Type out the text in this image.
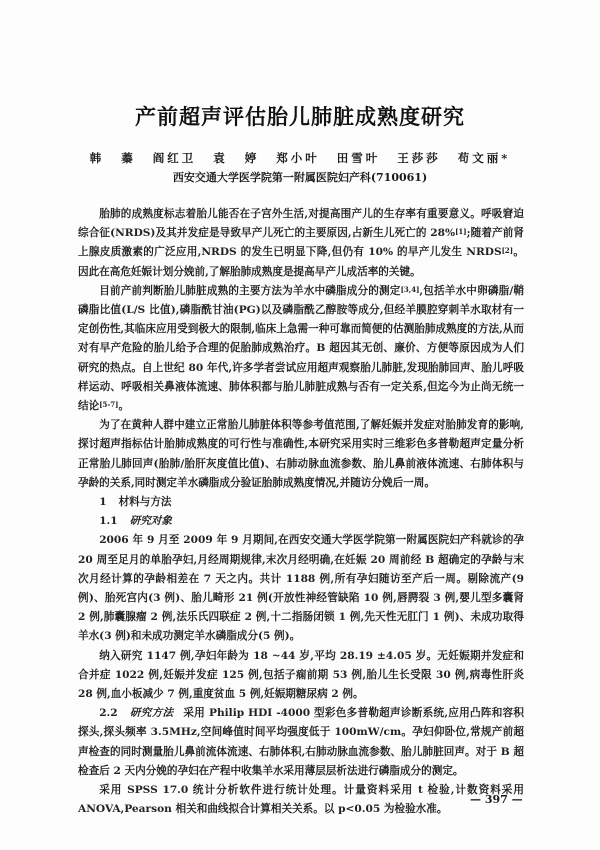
产前超声评估胎儿肺脏成熟度研究
韩 蓁 阎红卫 袁 婷 郑小叶 田雪叶 王莎莎 苟文丽*
西安交通大学医学院第一附属医院妇产科(710061)

胎肺的成熟度标志着胎儿能否在子宫外生活,对提高围产儿的生存率有重要意义。呼吸窘迫综合征(NRDS)及其并发症是导致早产儿死亡的主要原因,占新生儿死亡的 28%[1];随着产前肾上腺皮质激素的广泛应用,NRDS 的发生已明显下降,但仍有 10% 的早产儿发生 NRDS[2]。因此在高危妊娠计划分娩前,了解胎肺成熟度是提高早产儿成活率的关键。

目前产前判断胎儿肺脏成熟的主要方法为羊水中磷脂成分的测定[3,4],包括羊水中卵磷脂/鞘磷脂比值(L/S 比值),磷脂酰甘油(PG)以及磷脂酰乙醇胺等成分,但经羊膜腔穿刺羊水取材有一定创伤性,其临床应用受到极大的限制,临床上急需一种可靠而简便的估测胎肺成熟度的方法,从而对有早产危险的胎儿给予合理的促胎肺成熟治疗。B 超因其无创、廉价、方便等原因成为人们研究的热点。自上世纪 80 年代,许多学者尝试应用超声观察胎儿肺脏,发现胎肺回声、胎儿呼吸样运动、呼吸相关鼻液体流速、肺体积都与胎儿肺脏成熟与否有一定关系,但迄今为止尚无统一结论[5-7]。

为了在黄种人群中建立正常胎儿肺脏体积等参考值范围,了解妊娠并发症对胎肺发育的影响,探讨超声指标估计胎肺成熟度的可行性与准确性,本研究采用实时三维彩色多普勒超声定量分析正常胎儿肺回声(胎肺/胎肝灰度值比值)、右肺动脉血流参数、胎儿鼻前液体流速、右肺体积与孕龄的关系,同时测定羊水磷脂成分验证胎肺成熟度情况,并随访分娩后一周。

1 材料与方法

1.1 研究对象

2006 年 9 月至 2009 年 9 月期间,在西安交通大学医学院第一附属医院妇产科就诊的孕 20 周至足月的单胎孕妇,月经周期规律,末次月经明确,在妊娠 20 周前经 B 超确定的孕龄与末次月经计算的孕龄相差在 7 天之内。共计 1188 例,所有孕妇随访至产后一周。剔除流产(9 例)、胎死宫内(3 例)、胎儿畸形 21 例(开放性神经管缺陷 10 例,唇腭裂 3 例,婴儿型多囊肾 2 例,肺囊腺瘤 2 例,法乐氏四联症 2 例,十二指肠闭锁 1 例,先天性无肛门 1 例)、未成功取得羊水(3 例)和未成功测定羊水磷脂成分(5 例)。

纳入研究 1147 例,孕妇年龄为 18 ~44 岁,平均 28.19 ±4.05 岁。无妊娠期并发症和合并症 1022 例,妊娠并发症 125 例,包括子痫前期 53 例,胎儿生长受限 30 例,病毒性肝炎 28 例,血小板减少 7 例,重度贫血 5 例,妊娠期糖尿病 2 例。

2.2 研究方法 采用 Philip HDI -4000 型彩色多普勒超声诊断系统,应用凸阵和容积探头,探头频率 3.5MHz,空间峰值时间平均强度低于 100mW/cm。孕妇仰卧位,常规产前超声检查的同时测量胎儿鼻前流体流速、右肺体积,右肺动脉血流参数、胎儿肺脏回声。对于 B 超检查后 2 天内分娩的孕妇在产程中收集羊水采用薄层层析法进行磷脂成分的测定。

采用 SPSS 17.0 统计分析软件进行统计处理。计量资料采用 t 检验,计数资料采用 ANOVA,Pearson 相关和曲线拟合计算相关关系。以 p<0.05 为检验水准。

— 397 —
